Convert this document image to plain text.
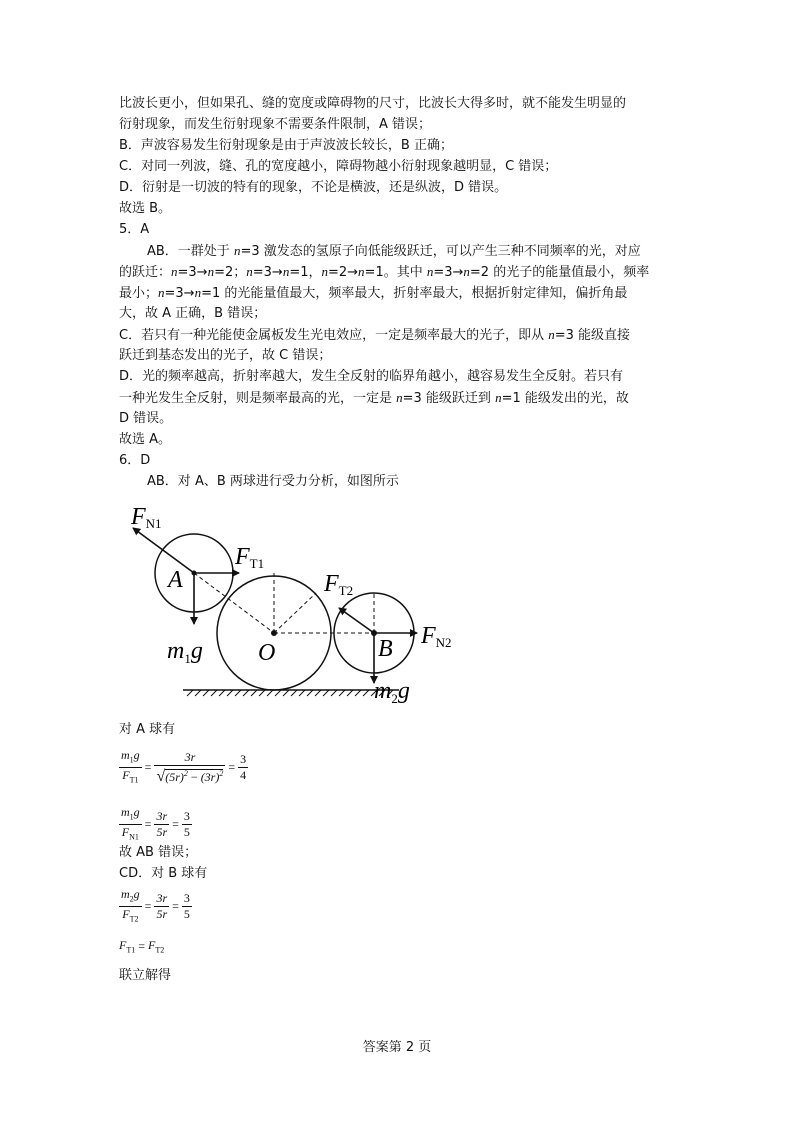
比波长更小，但如果孔、缝的宽度或障碍物的尺寸，比波长大得多时，就不能发生明显的
衍射现象，而发生衍射现象不需要条件限制，A 错误；
B．声波容易发生衍射现象是由于声波波长较长，B 正确；
C．对同一列波，缝、孔的宽度越小，障碍物越小衍射现象越明显，C 错误；
D．衍射是一切波的特有的现象，不论是横波，还是纵波，D 错误。
故选 B。
5．A
AB．一群处于 n=3 激发态的氢原子向低能级跃迁，可以产生三种不同频率的光，对应
的跃迁：n=3→n=2；n=3→n=1，n=2→n=1。其中 n=3→n=2 的光子的能量值最小，频率
最小；n=3→n=1 的光能量值最大，频率最大，折射率最大，根据折射定律知，偏折角最
大，故 A 正确，B 错误；
C．若只有一种光能使金属板发生光电效应，一定是频率最大的光子，即从 n=3 能级直接
跃迁到基态发出的光子，故 C 错误；
D．光的频率越高，折射率越大，发生全反射的临界角越小，越容易发生全反射。若只有
一种光发生全反射，则是频率最高的光，一定是 n=3 能级跃迁到 n=1 能级发出的光，故
D 错误。
故选 A。
6．D
AB．对 A、B 两球进行受力分析，如图所示
FN1
FT1
FT2
FN2
A
B
O
$m_1g$
$m_2g$
对 A 球有
$\frac{m_1g}{F_{T1}} = \frac{3r}{√(5r)^2 - (3r)^2} = \frac{3}{4}$
$\frac{m_1g}{F_{N1}} = \frac{3r}{5r} = \frac{3}{5}$
故 AB 错误；
CD．对 B 球有
$\frac{m_2g}{F_{T2}} = \frac{3r}{5r} = \frac{3}{5}$
$F_{T1} = F_{T2}$
联立解得
答案第 2 页
